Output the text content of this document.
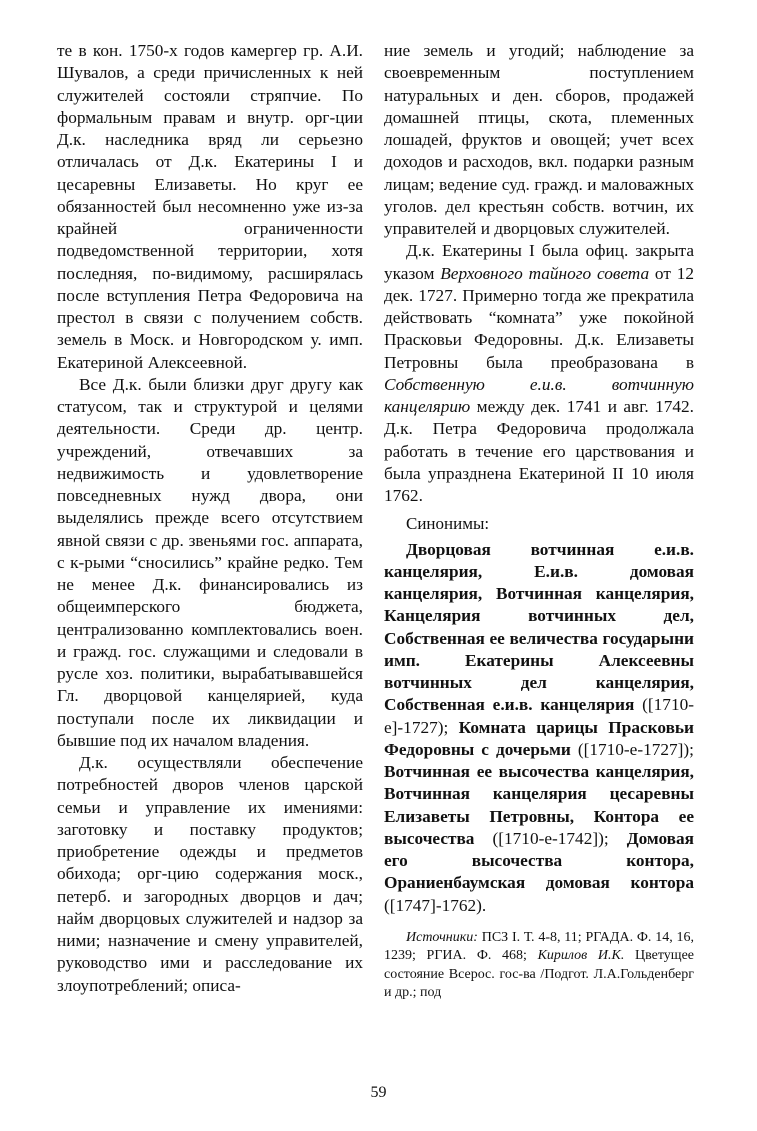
те в кон. 1750-х годов камергер гр. А.И. Шувалов, а среди причисленных к ней служителей состояли стряпчие. По формальным правам и внутр. орг-ции Д.к. наследника вряд ли серьезно отличалась от Д.к. Екатерины I и цесаревны Елизаветы. Но круг ее обязанностей был несомненно уже из-за крайней ограниченности подведомственной территории, хотя последняя, по-видимому, расширялась после вступления Петра Федоровича на престол в связи с получением собств. земель в Моск. и Новгородском у. имп. Екатериной Алексеевной.

Все Д.к. были близки друг другу как статусом, так и структурой и целями деятельности. Среди др. центр. учреждений, отвечавших за недвижимость и удовлетворение повседневных нужд двора, они выделялись прежде всего отсутствием явной связи с др. звеньями гос. аппарата, с к-рыми “сносились” крайне редко. Тем не менее Д.к. финансировались из общеимперского бюджета, централизованно комплектовались воен. и гражд. гос. служащими и следовали в русле хоз. политики, вырабатывавшейся Гл. дворцовой канцелярией, куда поступали после их ликвидации и бывшие под их началом владения.

Д.к. осуществляли обеспечение потребностей дворов членов царской семьи и управление их имениями: заготовку и поставку продуктов; приобретение одежды и предметов обихода; орг-цию содержания моск., петерб. и загородных дворцов и дач; найм дворцовых служителей и надзор за ними; назначение и смену управителей, руководство ими и расследование их злоупотреблений; описа-

ние земель и угодий; наблюдение за своевременным поступлением натуральных и ден. сборов, продажей домашней птицы, скота, племенных лошадей, фруктов и овощей; учет всех доходов и расходов, вкл. подарки разным лицам; ведение суд. гражд. и маловажных уголов. дел крестьян собств. вотчин, их управителей и дворцовых служителей.

Д.к. Екатерины I была офиц. закрыта указом Верховного тайного совета от 12 дек. 1727. Примерно тогда же прекратила действовать “комната” уже покойной Прасковьи Федоровны. Д.к. Елизаветы Петровны была преобразована в Собственную е.и.в. вотчинную канцелярию между дек. 1741 и авг. 1742. Д.к. Петра Федоровича продолжала работать в течение его царствования и была упразднена Екатериной II 10 июля 1762.

Синонимы:

Дворцовая вотчинная е.и.в. канцелярия, Е.и.в. домовая канцелярия, Вотчинная канцелярия, Канцелярия вотчинных дел, Собственная ее величества государыни имп. Екатерины Алексеевны вотчинных дел канцелярия, Собственная е.и.в. канцелярия ([1710-е]-1727); Комната царицы Прасковьи Федоровны с дочерьми ([1710-е-1727]); Вотчинная ее высочества канцелярия, Вотчинная канцелярия цесаревны Елизаветы Петровны, Контора ее высочества ([1710-е-1742]); Домовая его высочества контора, Ораниенбаумская домовая контора ([1747]-1762).

Источники: ПСЗ I. Т. 4-8, 11; РГАДА. Ф. 14, 16, 1239; РГИА. Ф. 468; Кирилов И.К. Цветущее состояние Всерос. гос-ва /Подгот. Л.А.Гольденберг и др.; под

59
